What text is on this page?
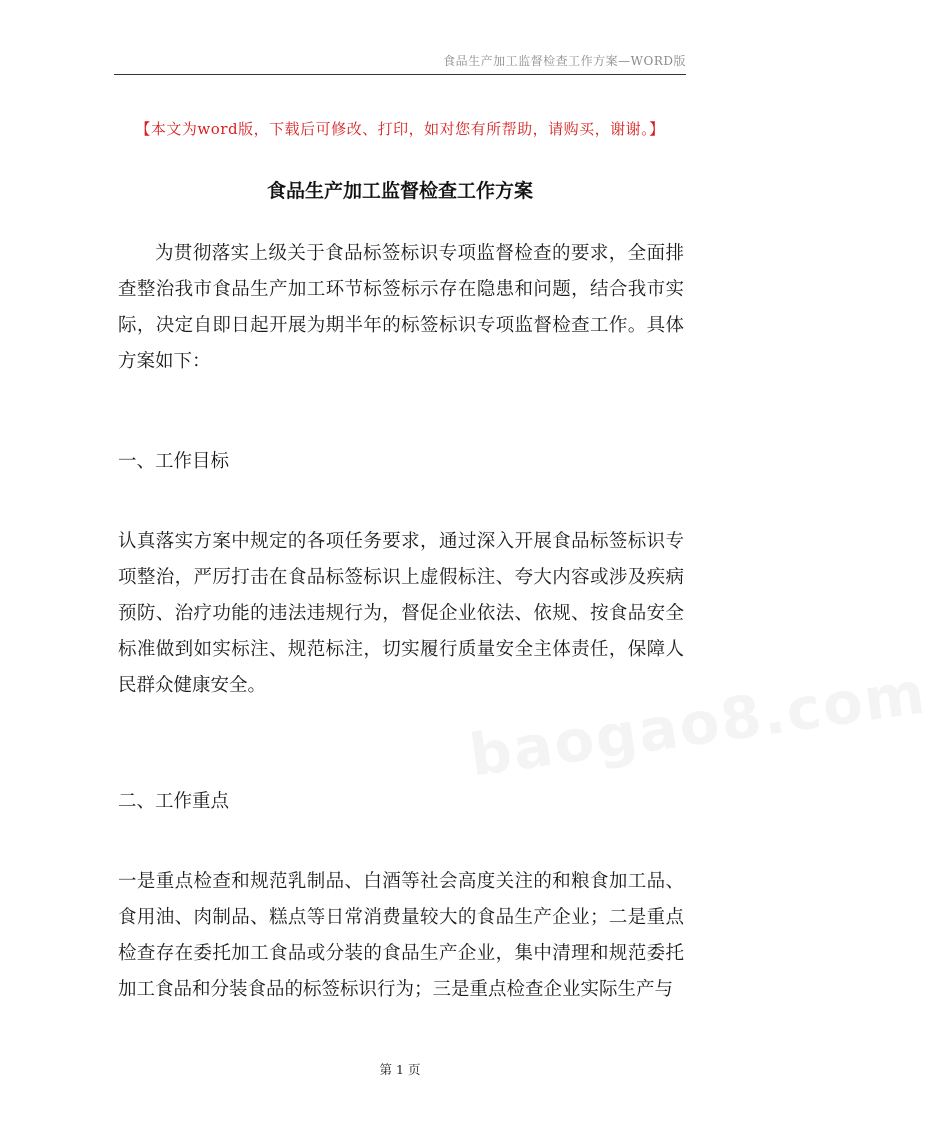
食品生产加工监督检查工作方案—WORD版
【本文为word版，下载后可修改、打印，如对您有所帮助，请购买，谢谢。】
食品生产加工监督检查工作方案

为贯彻落实上级关于食品标签标识专项监督检查的要求，全面排查整治我市食品生产加工环节标签标示存在隐患和问题，结合我市实际，决定自即日起开展为期半年的标签标识专项监督检查工作。具体方案如下：

一、工作目标

认真落实方案中规定的各项任务要求，通过深入开展食品标签标识专项整治，严厉打击在食品标签标识上虚假标注、夸大内容或涉及疾病预防、治疗功能的违法违规行为，督促企业依法、依规、按食品安全标准做到如实标注、规范标注，切实履行质量安全主体责任，保障人民群众健康安全。	baogao8.com

二、工作重点

一是重点检查和规范乳制品、白酒等社会高度关注的和粮食加工品、食用油、肉制品、糕点等日常消费量较大的食品生产企业；二是重点检查存在委托加工食品或分装的食品生产企业，集中清理和规范委托加工食品和分装食品的标签标识行为；三是重点检查企业实际生产与

第 1 页
